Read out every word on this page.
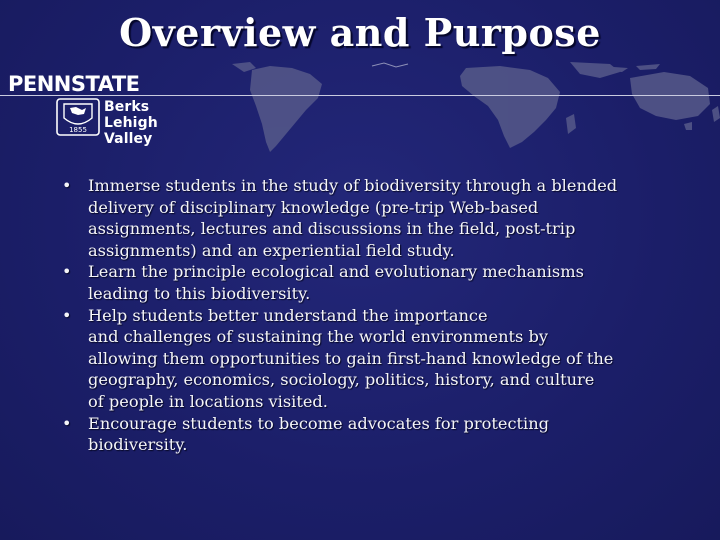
Overview and Purpose
PENNSTATE
1855
Berks
Lehigh Valley
• Immerse students in the study of biodiversity through a blended
delivery of disciplinary knowledge (pre-trip Web-based
assignments, lectures and discussions in the field, post-trip
assignments) and an experiential field study.
• Learn the principle ecological and evolutionary mechanisms
leading to this biodiversity.
• Help students better understand the importance
and challenges of sustaining the world environments by
allowing them opportunities to gain first-hand knowledge of the
geography, economics, sociology, politics, history, and culture
of people in locations visited.
• Encourage students to become advocates for protecting
biodiversity.
